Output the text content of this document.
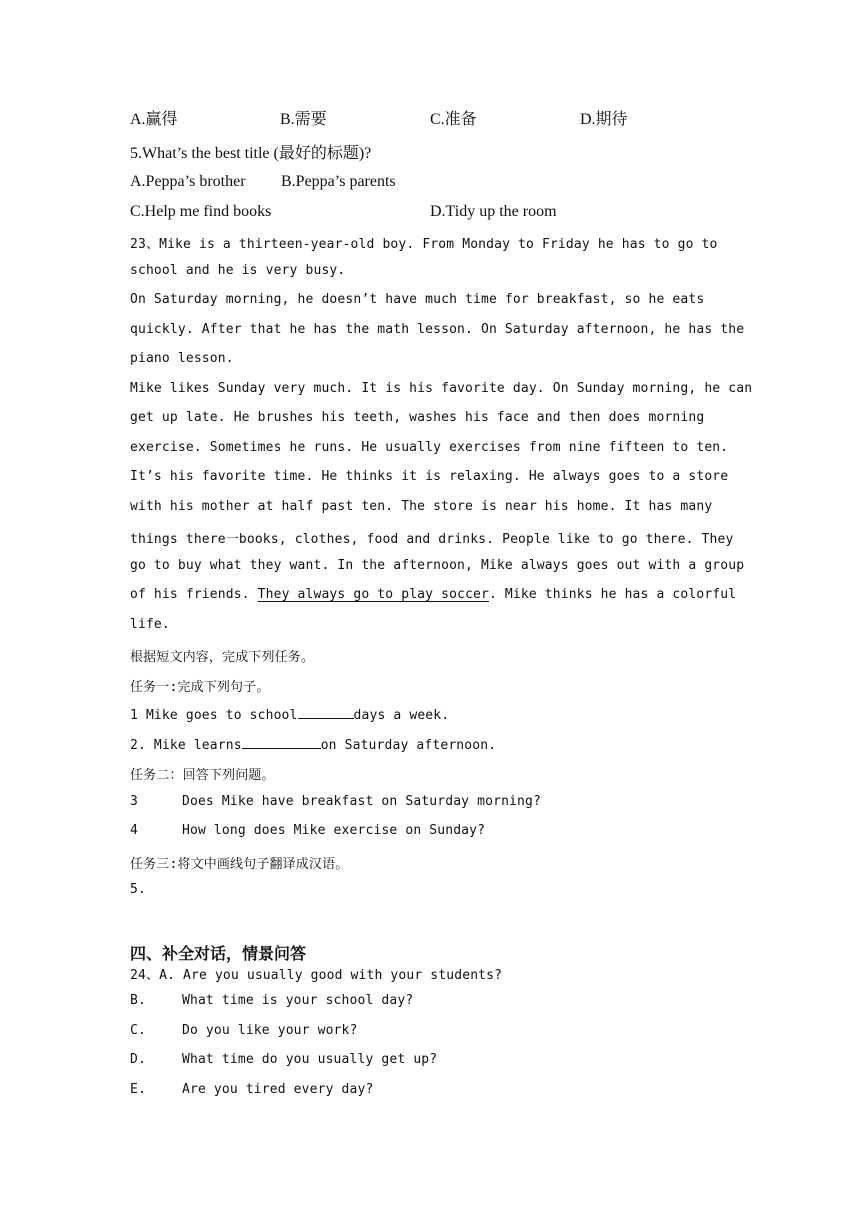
A.赢得	B.需要	C.准备	D.期待
5.What’s the best title (最好的标题)?
A.Peppa’s brother B.Peppa’s parents
C.Help me find books	D.Tidy up the room
23、Mike is a thirteen-year-old boy. From Monday to Friday he has to go to
school and he is very busy.
On Saturday morning, he doesn’t have much time for breakfast, so he eats
quickly. After that he has the math lesson. On Saturday afternoon, he has the
piano lesson.
Mike likes Sunday very much. It is his favorite day. On Sunday morning, he can
get up late. He brushes his teeth, washes his face and then does morning
exercise. Sometimes he runs. He usually exercises from nine fifteen to ten.
It’s his favorite time. He thinks it is relaxing. He always goes to a store
with his mother at half past ten. The store is near his home. It has many
things there一books, clothes, food and drinks. People like to go there. They
go to buy what they want. In the afternoon, Mike always goes out with a group
of his friends. They always go to play soccer. Mike thinks he has a colorful
life.
根据短文内容，完成下列任务。
任务一:完成下列句子。
1 Mike goes to school	days a week.
2. Mike learns	on Saturday afternoon.
任务二：回答下列问题。
3	Does Mike have breakfast on Saturday morning?
4	How long does Mike exercise on Sunday?
任务三:将文中画线句子翻译成汉语。
5.
四、补全对话，情景问答
24、A. Are you usually good with your students?
B.	What time is your school day?
C.	Do you like your work?
D.	What time do you usually get up?
E.	Are you tired every day?
